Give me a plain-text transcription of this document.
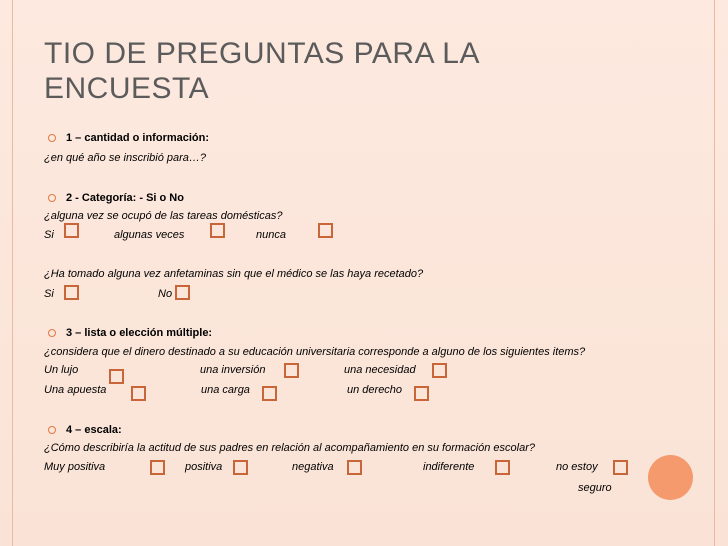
TIO DE PREGUNTAS PARA LA ENCUESTA
1 – cantidad o información:
¿en qué año se inscribió para…?
2 - Categoría: - Si o No
¿alguna vez se ocupó de las tareas domésticas?
Si	algunas veces	nunca
¿Ha tomado alguna vez anfetaminas sin que el médico se las haya recetado?
Si	No
3 – lista o elección múltiple:
¿considera que el dinero destinado a su educación universitaria corresponde a alguno de los siguientes items?
Un lujo	una inversión	una necesidad
Una apuesta	una carga	un derecho
4 – escala:
¿Cómo describiría la actitud de sus padres en relación al acompañamiento en su formación escolar?
Muy positiva	positiva	negativa	indiferente	no estoy
seguro
